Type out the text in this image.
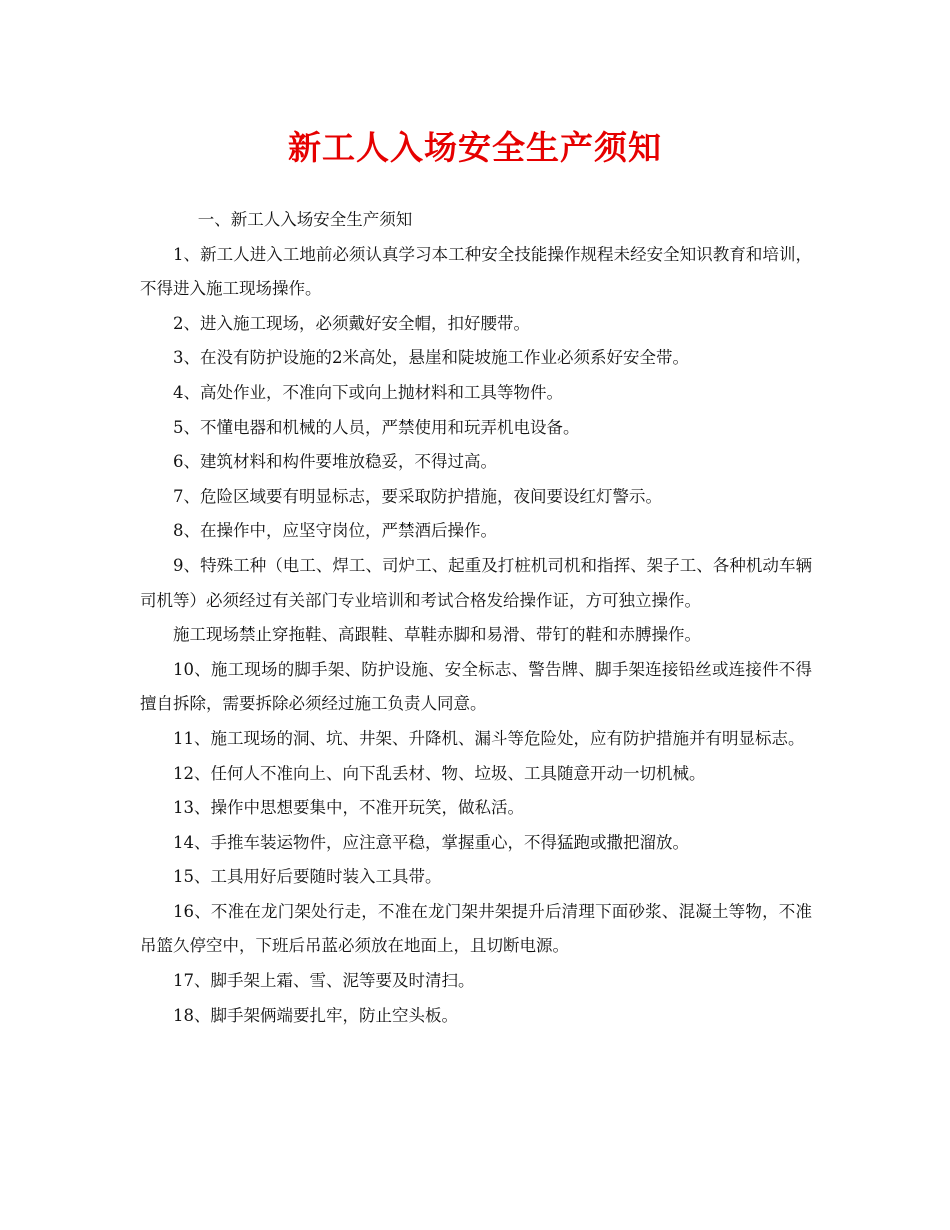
新工人入场安全生产须知

一、新工人入场安全生产须知

1、新工人进入工地前必须认真学习本工种安全技能操作规程未经安全知识教育和培训，不得进入施工现场操作。

2、进入施工现场，必须戴好安全帽，扣好腰带。

3、在没有防护设施的2米高处，悬崖和陡坡施工作业必须系好安全带。

4、高处作业，不准向下或向上抛材料和工具等物件。

5、不懂电器和机械的人员，严禁使用和玩弄机电设备。

6、建筑材料和构件要堆放稳妥，不得过高。

7、危险区域要有明显标志，要采取防护措施，夜间要设红灯警示。

8、在操作中，应坚守岗位，严禁酒后操作。

9、特殊工种（电工、焊工、司炉工、起重及打桩机司机和指挥、架子工、各种机动车辆司机等）必须经过有关部门专业培训和考试合格发给操作证，方可独立操作。

施工现场禁止穿拖鞋、高跟鞋、草鞋赤脚和易滑、带钉的鞋和赤膊操作。

10、施工现场的脚手架、防护设施、安全标志、警告牌、脚手架连接铅丝或连接件不得擅自拆除，需要拆除必须经过施工负责人同意。

11、施工现场的洞、坑、井架、升降机、漏斗等危险处，应有防护措施并有明显标志。

12、任何人不准向上、向下乱丢材、物、垃圾、工具随意开动一切机械。

13、操作中思想要集中，不准开玩笑，做私活。

14、手推车装运物件，应注意平稳，掌握重心，不得猛跑或撒把溜放。

15、工具用好后要随时装入工具带。

16、不准在龙门架处行走，不准在龙门架井架提升后清理下面砂浆、混凝土等物，不准吊篮久停空中，下班后吊蓝必须放在地面上，且切断电源。

17、脚手架上霜、雪、泥等要及时清扫。

18、脚手架俩端要扎牢，防止空头板。
